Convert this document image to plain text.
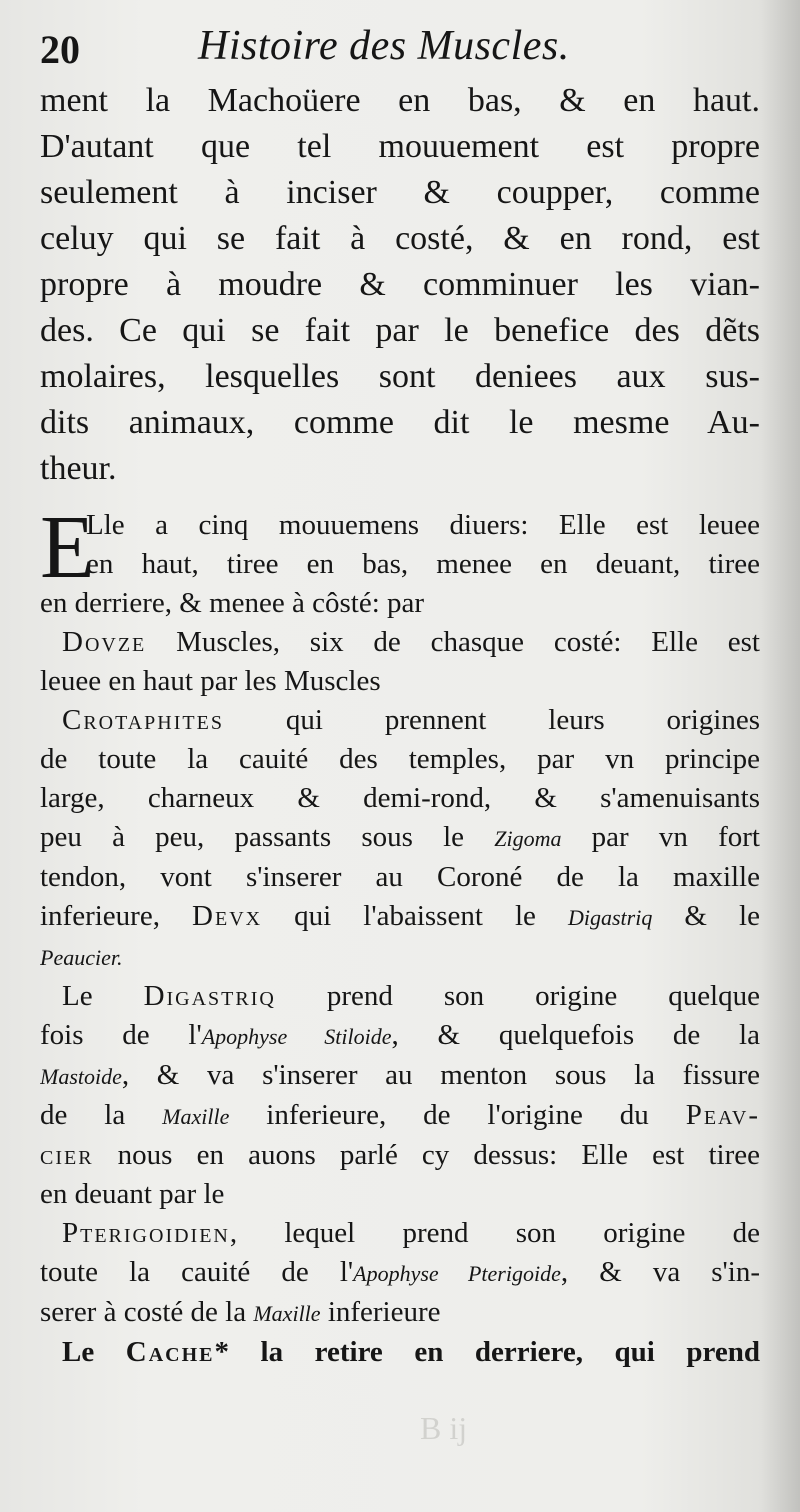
20	Histoire des Muscles.
ment la Machoüere en bas, & en haut.
D'autant que tel mouuement est propre
seulement à inciser & coupper, comme
celuy qui se fait à costé, & en rond, est
propre à moudre & comminuer les vian-
des. Ce qui se fait par le benefice des dẽts
molaires, lesquelles sont deniees aux sus-
dits animaux, comme dit le mesme Au-
theur.
E
Lle a cinq mouuemens diuers: Elle est leuee
en haut, tiree en bas, menee en deuant, tiree
en derriere, & menee à côsté: par
Dovze Muscles, six de chasque costé: Elle est
leuee en haut par les Muscles
Crotaphites qui prennent leurs origines
de toute la cauité des temples, par vn principe
large, charneux & demi-rond, & s'amenuisants
peu à peu, passants sous le Zigoma par vn fort
tendon, vont s'inserer au Coroné de la maxille
inferieure, Devx qui l'abaissent le Digastriq & le
Peaucier.
Le Digastriq prend son origine quelque
fois de l'Apophyse Stiloide, & quelquefois de la
Mastoide, & va s'inserer au menton sous la fissure
de la Maxille inferieure, de l'origine du Peav-
cier nous en auons parlé cy dessus: Elle est tiree
en deuant par le
Pterigoidien, lequel prend son origine de
toute la cauité de l'Apophyse Pterigoide, & va s'in-
serer à costé de la Maxille inferieure
Le Cache* la retire en derriere, qui prend
B ij
